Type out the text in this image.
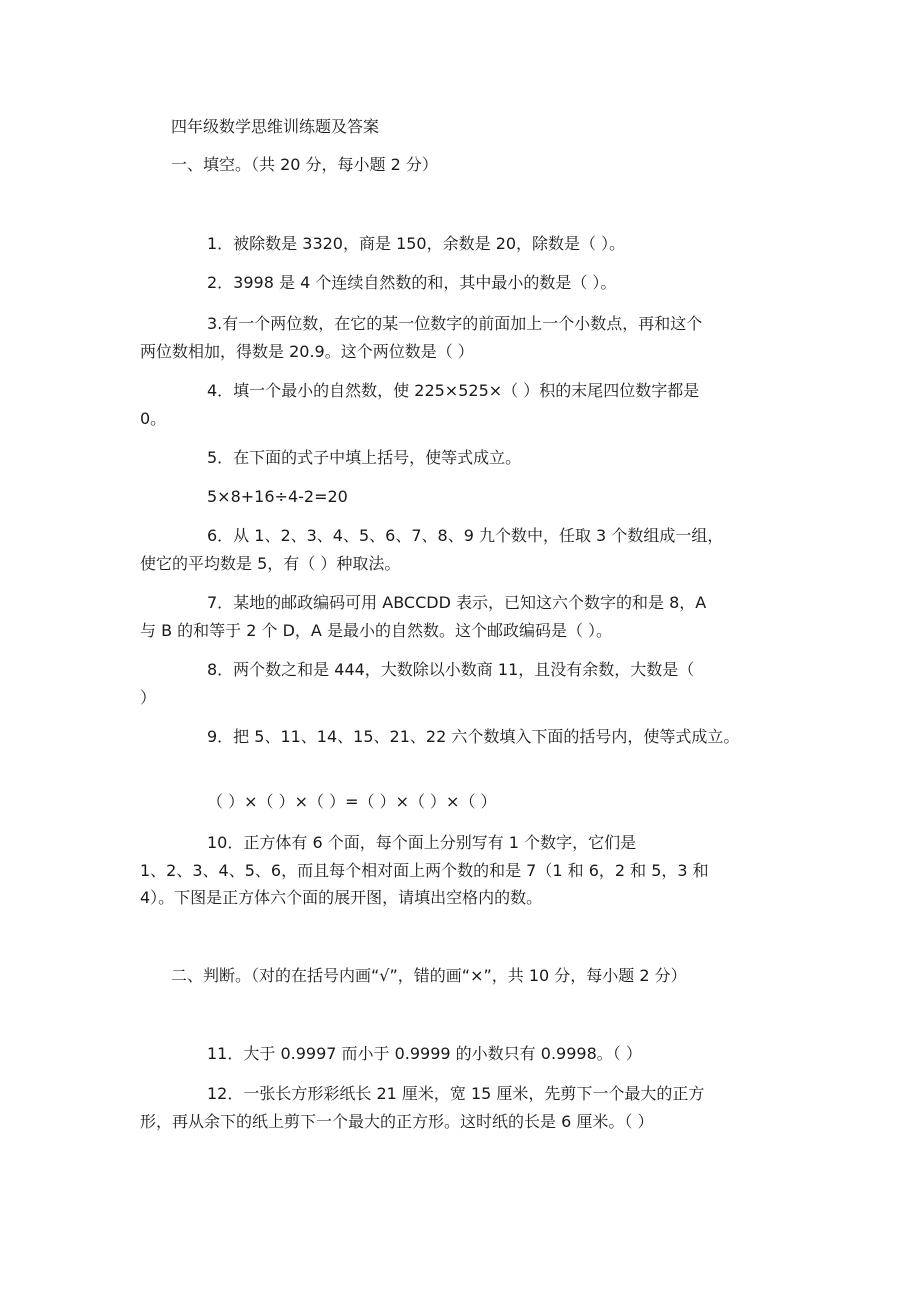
四年级数学思维训练题及答案
一、填空。（共 20 分，每小题 2 分）
1．被除数是 3320，商是 150，余数是 20，除数是（ ）。
2．3998 是 4 个连续自然数的和，其中最小的数是（ ）。
3.有一个两位数，在它的某一位数字的前面加上一个小数点，再和这个
两位数相加，得数是 20.9。这个两位数是（ ）
4．填一个最小的自然数，使 225×525×（ ）积的末尾四位数字都是
0。
5．在下面的式子中填上括号，使等式成立。
5×8+16÷4-2=20
6．从 1、2、3、4、5、6、7、8、9 九个数中，任取 3 个数组成一组，
使它的平均数是 5，有（ ）种取法。
7．某地的邮政编码可用 ABCCDD 表示，已知这六个数字的和是 8，A
与 B 的和等于 2 个 D，A 是最小的自然数。这个邮政编码是（ ）。
8．两个数之和是 444，大数除以小数商 11，且没有余数，大数是（
）
9．把 5、11、14、15、21、22 六个数填入下面的括号内，使等式成立。
（ ）×（ ）×（ ）=（ ）×（ ）×（ ）
10．正方体有 6 个面，每个面上分别写有 1 个数字，它们是
1、2、3、4、5、6，而且每个相对面上两个数的和是 7（1 和 6，2 和 5，3 和
4）。下图是正方体六个面的展开图，请填出空格内的数。
二、判断。（对的在括号内画“√”，错的画“×”，共 10 分，每小题 2 分）
11．大于 0.9997 而小于 0.9999 的小数只有 0.9998。（ ）
12．一张长方形彩纸长 21 厘米，宽 15 厘米，先剪下一个最大的正方
形，再从余下的纸上剪下一个最大的正方形。这时纸的长是 6 厘米。（ ）
